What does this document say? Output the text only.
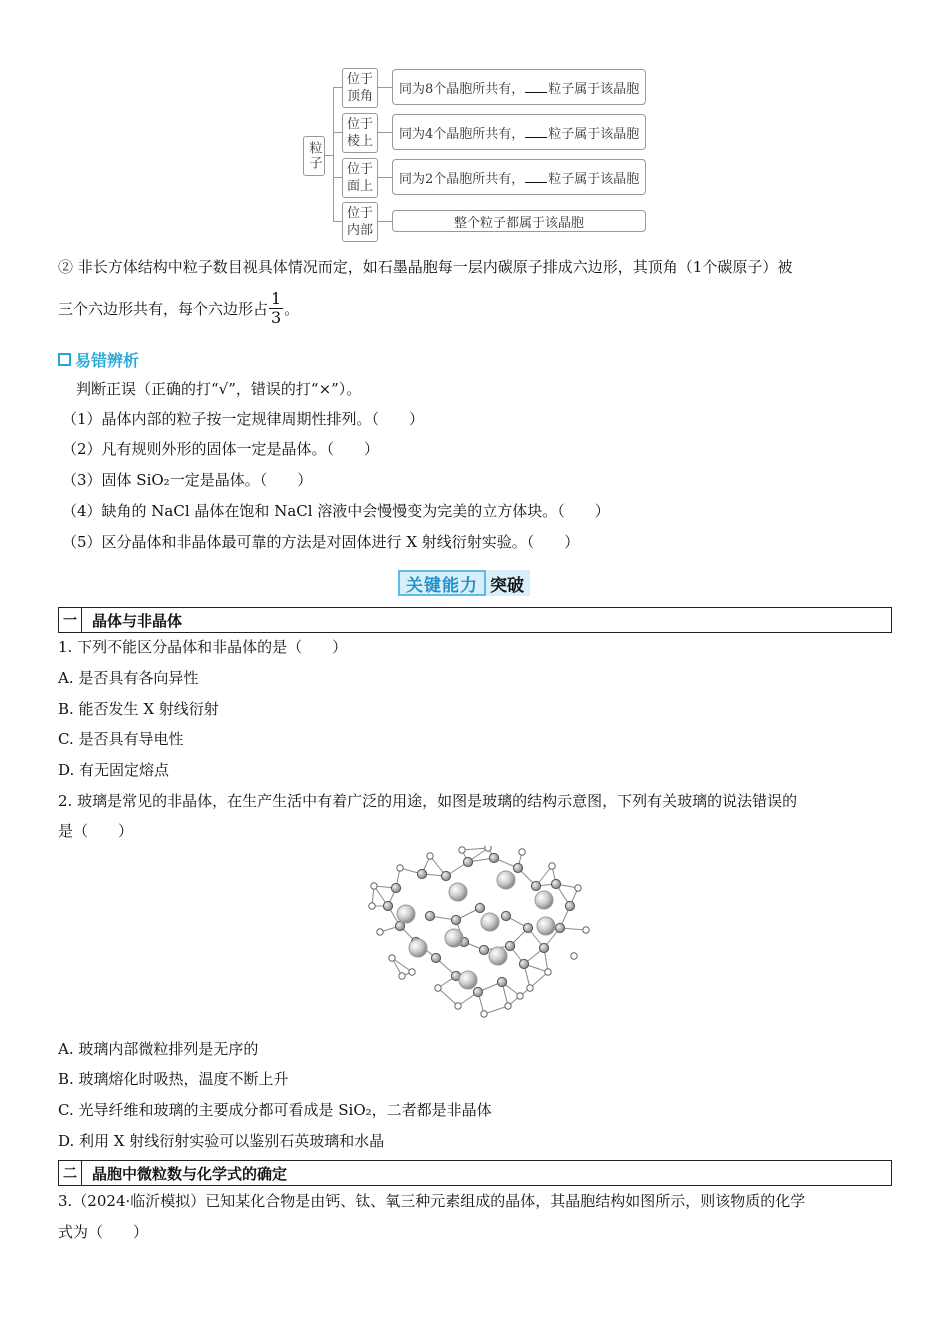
粒子
位于
顶角 同为8个晶胞所共有， 粒子属于该晶胞
位于
棱上 同为4个晶胞所共有， 粒子属于该晶胞
位于
面上 同为2个晶胞所共有， 粒子属于该晶胞
位于
内部	整个粒子都属于该晶胞
② 非长方体结构中粒子数目视具体情况而定，如石墨晶胞每一层内碳原子排成六边形，其顶角（1个碳原子）被
三个六边形共有，每个六边形占 $\frac{1}{3}$ 。
易错辨析
判断正误（正确的打“√”，错误的打“×”）。
（1）晶体内部的粒子按一定规律周期性排列。（　　）
（2）凡有规则外形的固体一定是晶体。（　　）
（3）固体 SiO₂一定是晶体。（　　）
（4）缺角的 NaCl 晶体在饱和 NaCl 溶液中会慢慢变为完美的立方体块。（　　）
（5）区分晶体和非晶体最可靠的方法是对固体进行 X 射线衍射实验。（　　）
关键能力 突破
一	晶体与非晶体
1. 下列不能区分晶体和非晶体的是（　　）
A. 是否具有各向异性
B. 能否发生 X 射线衍射
C. 是否具有导电性
D. 有无固定熔点
2. 玻璃是常见的非晶体，在生产生活中有着广泛的用途，如图是玻璃的结构示意图，下列有关玻璃的说法错误的
是（　　）
A. 玻璃内部微粒排列是无序的
B. 玻璃熔化时吸热，温度不断上升
C. 光导纤维和玻璃的主要成分都可看成是 SiO₂，二者都是非晶体
D. 利用 X 射线衍射实验可以鉴别石英玻璃和水晶
二	晶胞中微粒数与化学式的确定
3.（2024·临沂模拟）已知某化合物是由钙、钛、氧三种元素组成的晶体，其晶胞结构如图所示，则该物质的化学
式为（　　）
